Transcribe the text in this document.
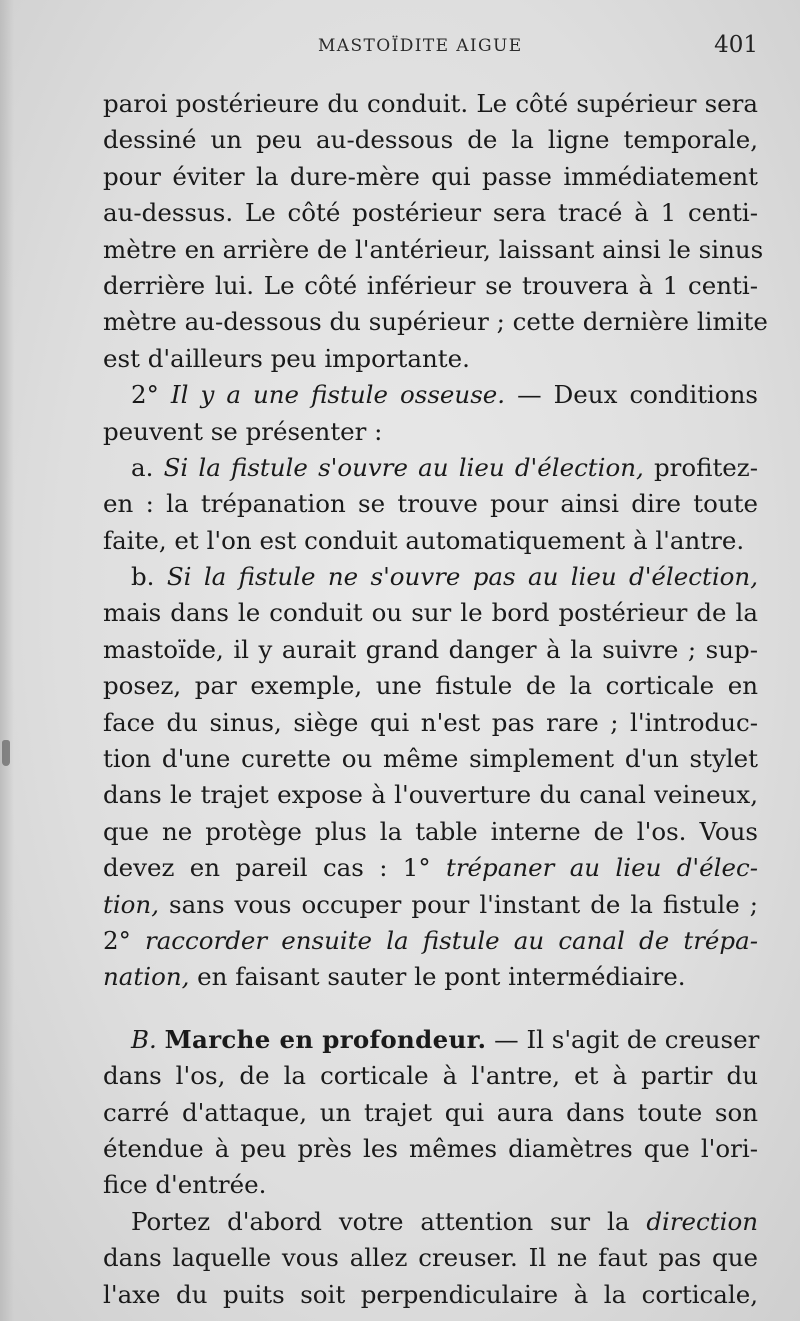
MASTOÏDITE AIGUE	401
paroi postérieure du conduit. Le côté supérieur sera
dessiné un peu au-dessous de la ligne temporale,
pour éviter la dure-mère qui passe immédiatement
au-dessus. Le côté postérieur sera tracé à 1 centi-
mètre en arrière de l'antérieur, laissant ainsi le sinus
derrière lui. Le côté inférieur se trouvera à 1 centi-
mètre au-dessous du supérieur ; cette dernière limite
est d'ailleurs peu importante.
2° Il y a une fistule osseuse. — Deux conditions
peuvent se présenter :
a. Si la fistule s'ouvre au lieu d'élection, profitez-
en : la trépanation se trouve pour ainsi dire toute
faite, et l'on est conduit automatiquement à l'antre.
b. Si la fistule ne s'ouvre pas au lieu d'élection,
mais dans le conduit ou sur le bord postérieur de la
mastoïde, il y aurait grand danger à la suivre ; sup-
posez, par exemple, une fistule de la corticale en
face du sinus, siège qui n'est pas rare ; l'introduc-
tion d'une curette ou même simplement d'un stylet
dans le trajet expose à l'ouverture du canal veineux,
que ne protège plus la table interne de l'os. Vous
devez en pareil cas : 1° trépaner au lieu d'élec-
tion, sans vous occuper pour l'instant de la fistule ;
2° raccorder ensuite la fistule au canal de trépa-
nation, en faisant sauter le pont intermédiaire.
B. Marche en profondeur. — Il s'agit de creuser
dans l'os, de la corticale à l'antre, et à partir du
carré d'attaque, un trajet qui aura dans toute son
étendue à peu près les mêmes diamètres que l'ori-
fice d'entrée.
Portez d'abord votre attention sur la direction
dans laquelle vous allez creuser. Il ne faut pas que
l'axe du puits soit perpendiculaire à la corticale,
